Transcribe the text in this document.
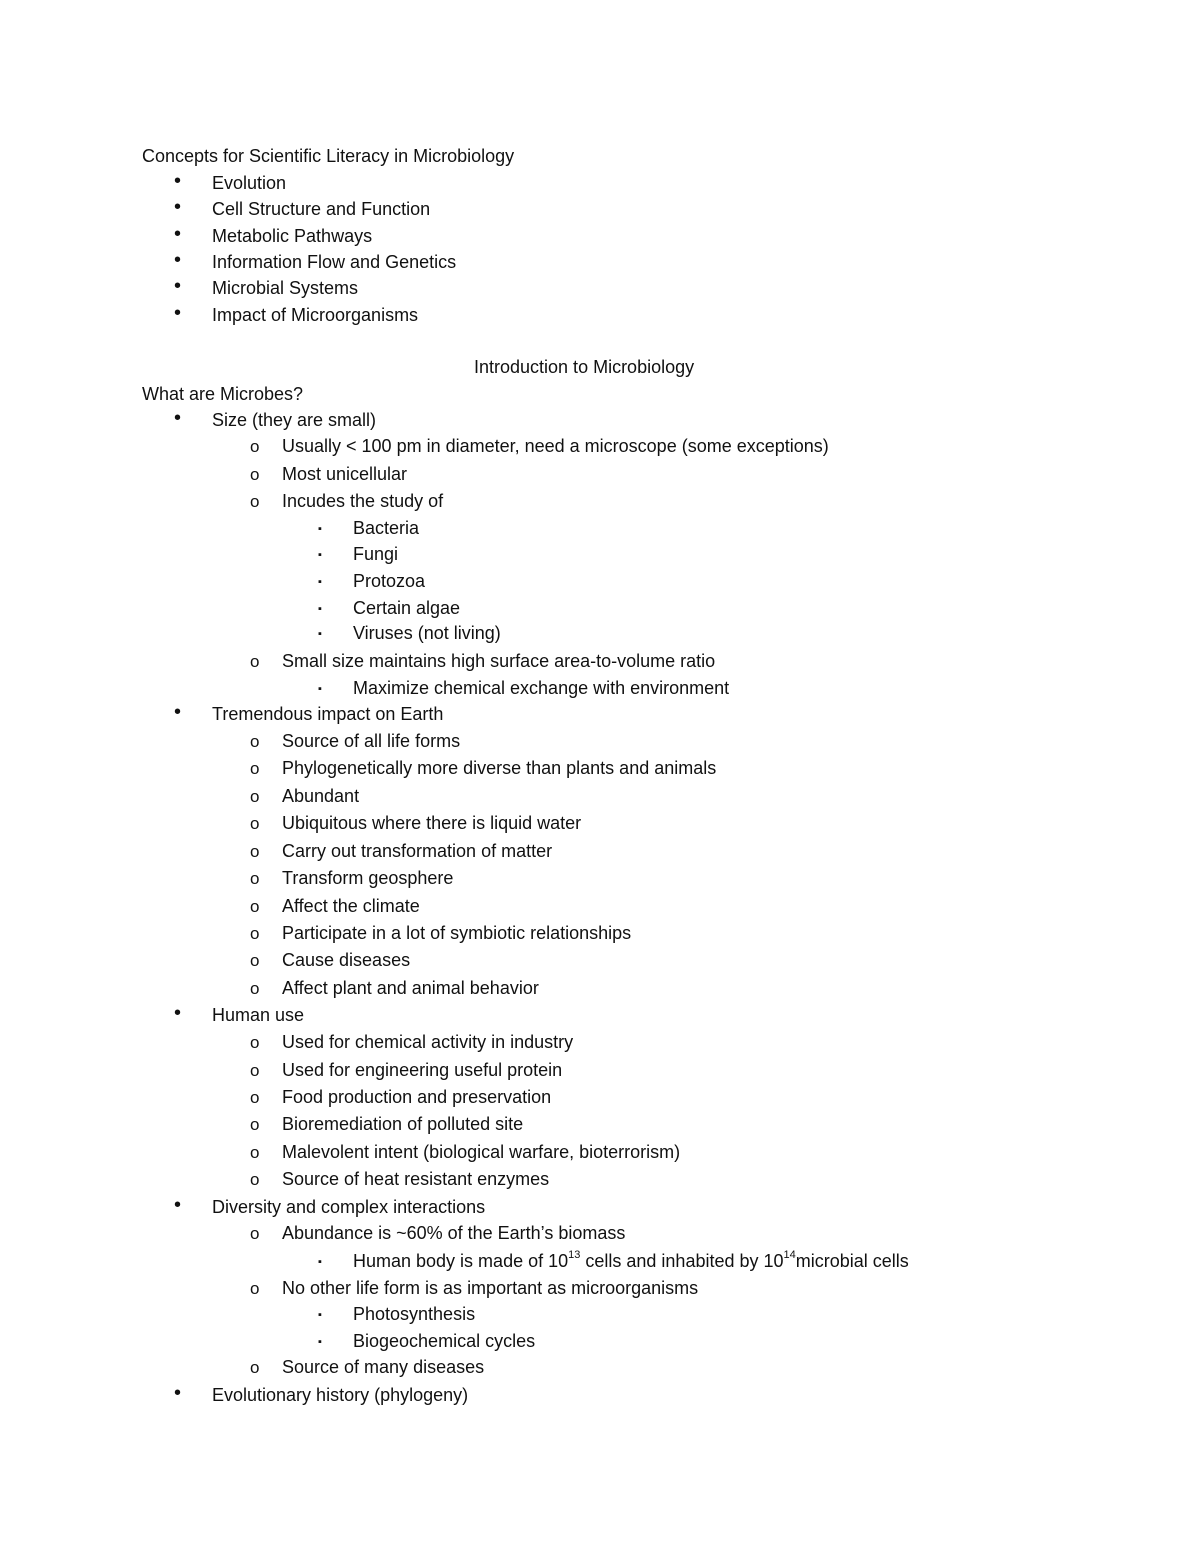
Concepts for Scientific Literacy in Microbiology
• Evolution
• Cell Structure and Function
• Metabolic Pathways
• Information Flow and Genetics
• Microbial Systems
• Impact of Microorganisms
Introduction to Microbiology
What are Microbes?
• Size (they are small)
o Usually < 100 pm in diameter, need a microscope (some exceptions)
o Most unicellular
o Incudes the study of
▪ Bacteria
▪ Fungi
▪ Protozoa
▪ Certain algae
▪ Viruses (not living)
o Small size maintains high surface area-to-volume ratio
▪ Maximize chemical exchange with environment
• Tremendous impact on Earth
o Source of all life forms
o Phylogenetically more diverse than plants and animals
o Abundant
o Ubiquitous where there is liquid water
o Carry out transformation of matter
o Transform geosphere
o Affect the climate
o Participate in a lot of symbiotic relationships
o Cause diseases
o Affect plant and animal behavior
• Human use
o Used for chemical activity in industry
o Used for engineering useful protein
o Food production and preservation
o Bioremediation of polluted site
o Malevolent intent (biological warfare, bioterrorism)
o Source of heat resistant enzymes
• Diversity and complex interactions
o Abundance is ~60% of the Earth’s biomass
▪ Human body is made of $10^{13}$ cells and inhabited by $10^{14}microbial$ cells
o No other life form is as important as microorganisms
▪ Photosynthesis
▪ Biogeochemical cycles
o Source of many diseases
• Evolutionary history (phylogeny)
